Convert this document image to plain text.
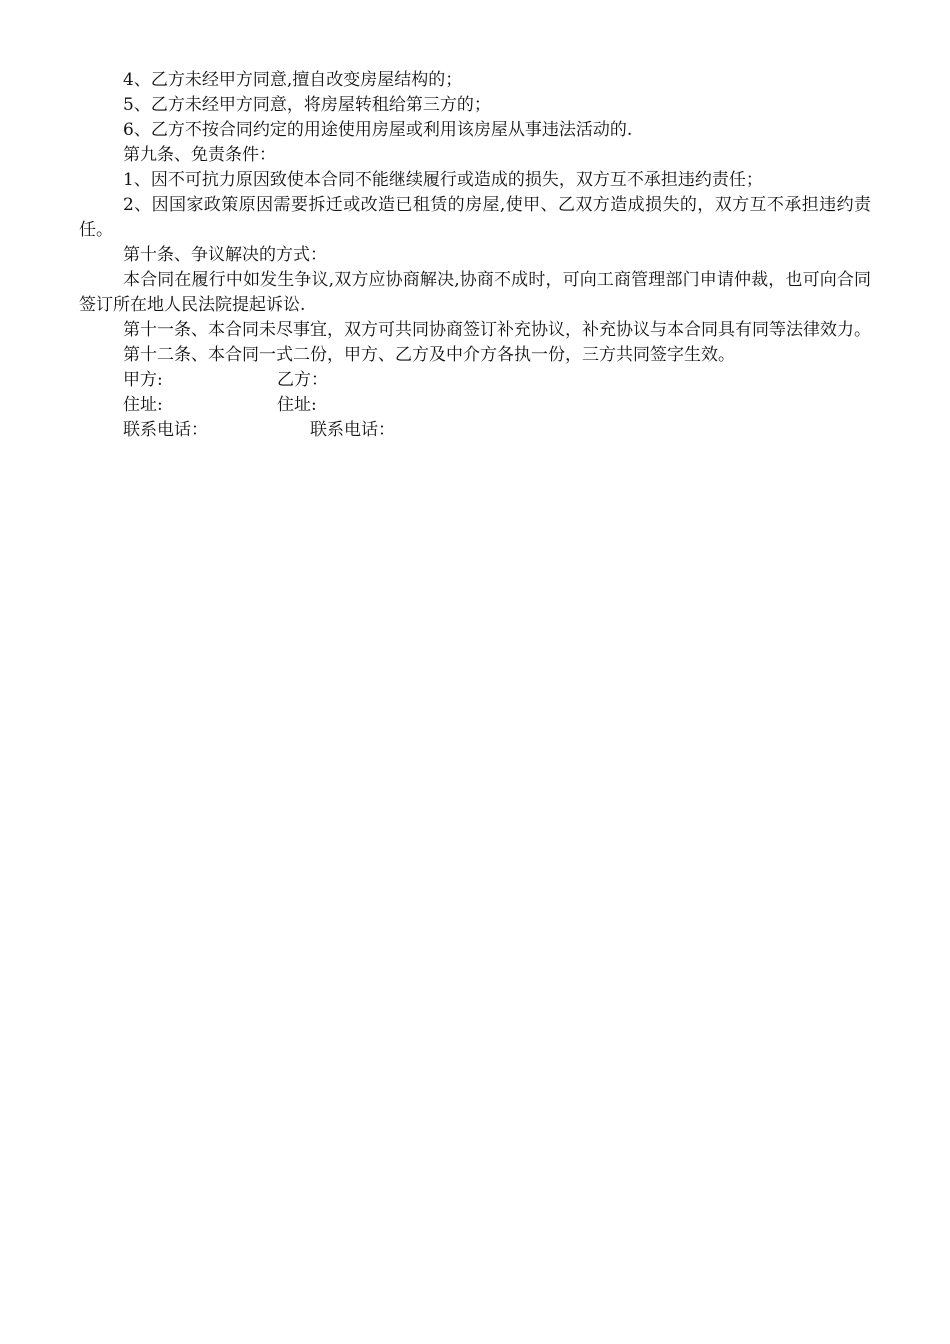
4、乙方未经甲方同意,擅自改变房屋结构的；

5、乙方未经甲方同意，将房屋转租给第三方的；

6、乙方不按合同约定的用途使用房屋或利用该房屋从事违法活动的.

第九条、免责条件：

1、因不可抗力原因致使本合同不能继续履行或造成的损失，双方互不承担违约责任；

2、因国家政策原因需要拆迁或改造已租赁的房屋,使甲、乙双方造成损失的，双方互不承担违约责任。

第十条、争议解决的方式：

本合同在履行中如发生争议,双方应协商解决,协商不成时，可向工商管理部门申请仲裁，也可向合同签订所在地人民法院提起诉讼.

第十一条、本合同未尽事宜，双方可共同协商签订补充协议，补充协议与本合同具有同等法律效力。

第十二条、本合同一式二份，甲方、乙方及中介方各执一份，三方共同签字生效。

甲方:	乙方：
住址:	住址:
联系电话：	联系电话：
